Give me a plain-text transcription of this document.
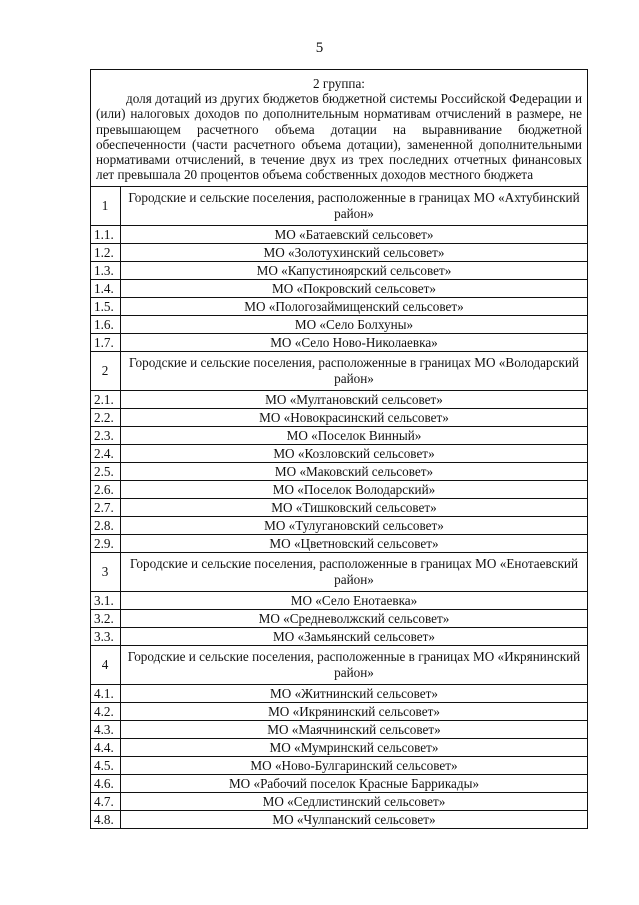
5
2 группа:
доля дотаций из других бюджетов бюджетной системы Российской Федерации и (или) налоговых доходов по дополнительным нормативам отчислений в размере, не превышающем расчетного объема дотации на выравнивание бюджетной обеспеченности (части расчетного объема дотации), замененной дополнительными нормативами отчислений, в течение двух из трех последних отчетных финансовых лет превышала 20 процентов объема собственных доходов местного бюджета	

1	Городские и сельские поселения, расположенные в границах МО «Ахтубинский район»
1.1.	МО «Батаевский сельсовет»
1.2.	МО «Золотухинский сельсовет»
1.3.	МО «Капустиноярский сельсовет»
1.4.	МО «Покровский сельсовет»
1.5.	МО «Пологозаймищенский сельсовет»
1.6.	МО «Село Болхуны»
1.7.	МО «Село Ново-Николаевка»
2	Городские и сельские поселения, расположенные в границах МО «Володарский район»
2.1.	МО «Мултановский сельсовет»
2.2.	МО «Новокрасинский сельсовет»
2.3.	МО «Поселок Винный»
2.4.	МО «Козловский сельсовет»
2.5.	МО «Маковский сельсовет»
2.6.	МО «Поселок Володарский»
2.7.	МО «Тишковский сельсовет»
2.8.	МО «Тулугановский сельсовет»
2.9.	МО «Цветновский сельсовет»
3	Городские и сельские поселения, расположенные в границах МО «Енотаевский район»
3.1.	МО «Село Енотаевка»
3.2.	МО «Средневолжский сельсовет»
3.3.	МО «Замьянский сельсовет»
4	Городские и сельские поселения, расположенные в границах МО «Икрянинский район»
4.1.	МО «Житнинский сельсовет»
4.2.	МО «Икрянинский сельсовет»
4.3.	МО «Маячнинский сельсовет»
4.4.	МО «Мумринский сельсовет»
4.5.	МО «Ново-Булгаринский сельсовет»
4.6.	МО «Рабочий поселок Красные Баррикады»
4.7.	МО «Седлистинский сельсовет»
4.8.	МО «Чулпанский сельсовет»
